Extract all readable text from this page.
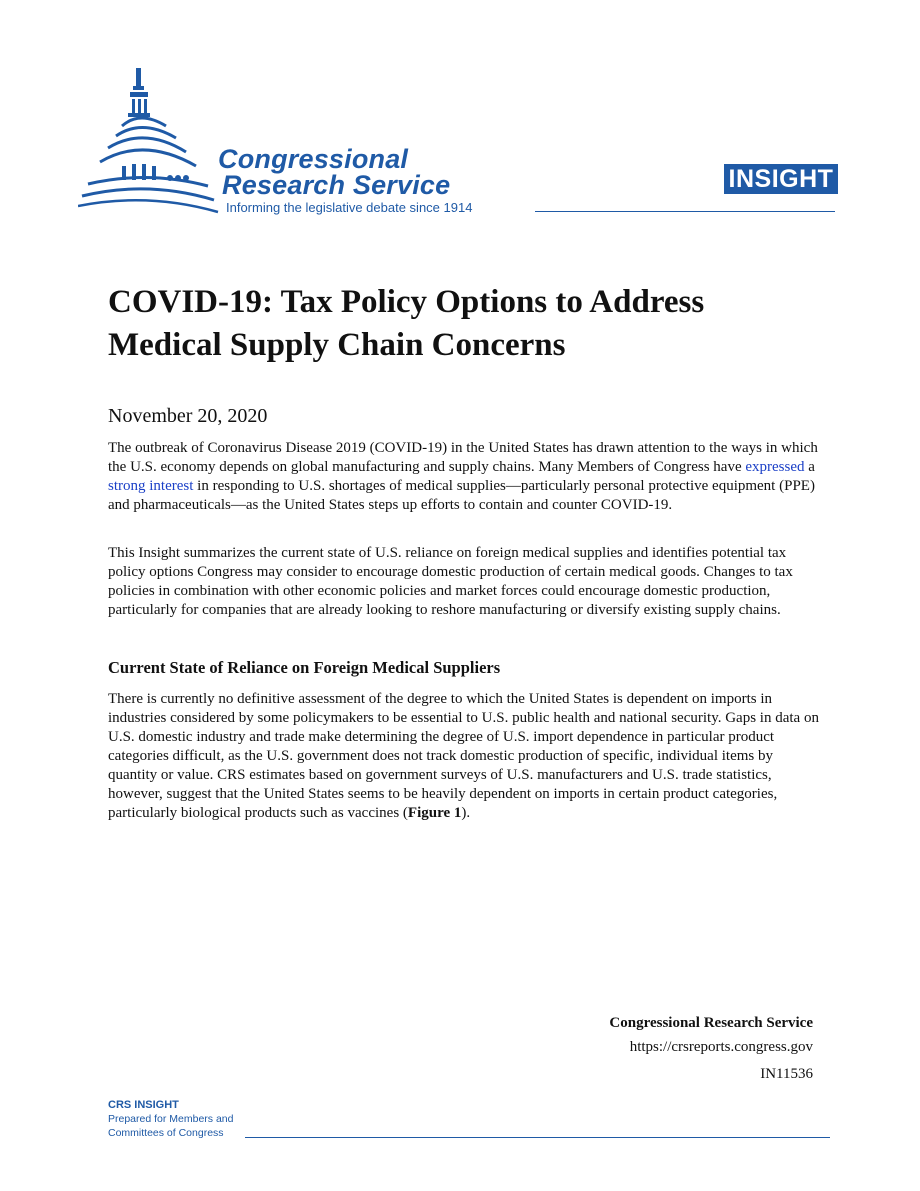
Congressional
Research Service
Informing the legislative debate since 1914
INSIGHT
COVID-19: Tax Policy Options to Address
Medical Supply Chain Concerns
November 20, 2020

The outbreak of Coronavirus Disease 2019 (COVID-19) in the United States has drawn attention to the ways in which the U.S. economy depends on global manufacturing and supply chains. Many Members of Congress have expressed a strong interest in responding to U.S. shortages of medical supplies—particularly personal protective equipment (PPE) and pharmaceuticals—as the United States steps up efforts to contain and counter COVID-19.

This Insight summarizes the current state of U.S. reliance on foreign medical supplies and identifies potential tax policy options Congress may consider to encourage domestic production of certain medical goods. Changes to tax policies in combination with other economic policies and market forces could encourage domestic production, particularly for companies that are already looking to reshore manufacturing or diversify existing supply chains.

Current State of Reliance on Foreign Medical Suppliers

There is currently no definitive assessment of the degree to which the United States is dependent on imports in industries considered by some policymakers to be essential to U.S. public health and national security. Gaps in data on U.S. domestic industry and trade make determining the degree of U.S. import dependence in particular product categories difficult, as the U.S. government does not track domestic production of specific, individual items by quantity or value. CRS estimates based on government surveys of U.S. manufacturers and U.S. trade statistics, however, suggest that the United States seems to be heavily dependent on imports in certain product categories, particularly biological products such as vaccines (Figure 1).

Congressional Research Service
https://crsreports.congress.gov
IN11536
CRS INSIGHT
Prepared for Members and
Committees of Congress
